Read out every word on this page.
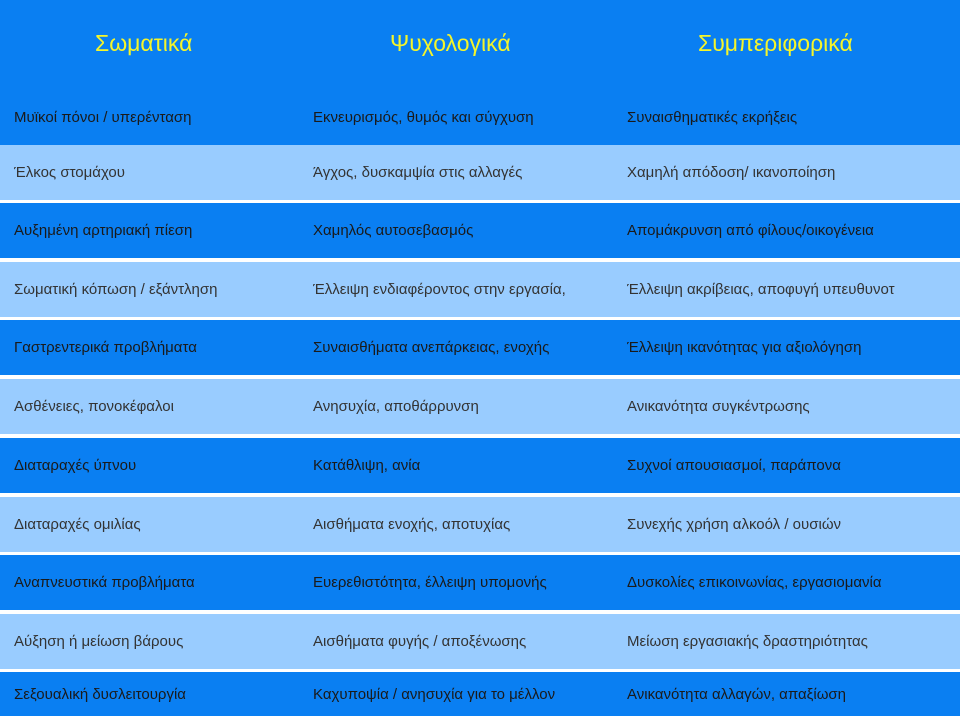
Σωματικά	Ψυχολογικά	Συμπεριφορικά
Μυϊκοί πόνοι / υπερένταση	Εκνευρισμός, θυμός και σύγχυση	Συναισθηματικές εκρήξεις
Έλκος στομάχου	Άγχος, δυσκαμψία στις αλλαγές	Χαμηλή απόδοση/ ικανοποίηση
Αυξημένη αρτηριακή πίεση	Χαμηλός αυτοσεβασμός	Απομάκρυνση από φίλους/οικογένεια
Σωματική κόπωση / εξάντληση	Έλλειψη ενδιαφέροντος στην εργασία,	Έλλειψη ακρίβειας, αποφυγή υπευθυνοτ
Γαστρεντερικά προβλήματα	Συναισθήματα ανεπάρκειας, ενοχής	Έλλειψη ικανότητας για αξιολόγηση
Ασθένειες, πονοκέφαλοι	Ανησυχία, αποθάρρυνση	Ανικανότητα συγκέντρωσης
Διαταραχές ύπνου	Κατάθλιψη, ανία	Συχνοί απουσιασμοί, παράπονα
Διαταραχές ομιλίας	Αισθήματα ενοχής, αποτυχίας	Συνεχής χρήση αλκοόλ / ουσιών
Αναπνευστικά προβλήματα	Ευερεθιστότητα, έλλειψη υπομονής	Δυσκολίες επικοινωνίας, εργασιομανία
Αύξηση ή μείωση βάρους	Αισθήματα φυγής / αποξένωσης	Μείωση εργασιακής δραστηριότητας
Σεξουαλική δυσλειτουργία	Καχυποψία / ανησυχία για το μέλλον	Ανικανότητα αλλαγών, απαξίωση
